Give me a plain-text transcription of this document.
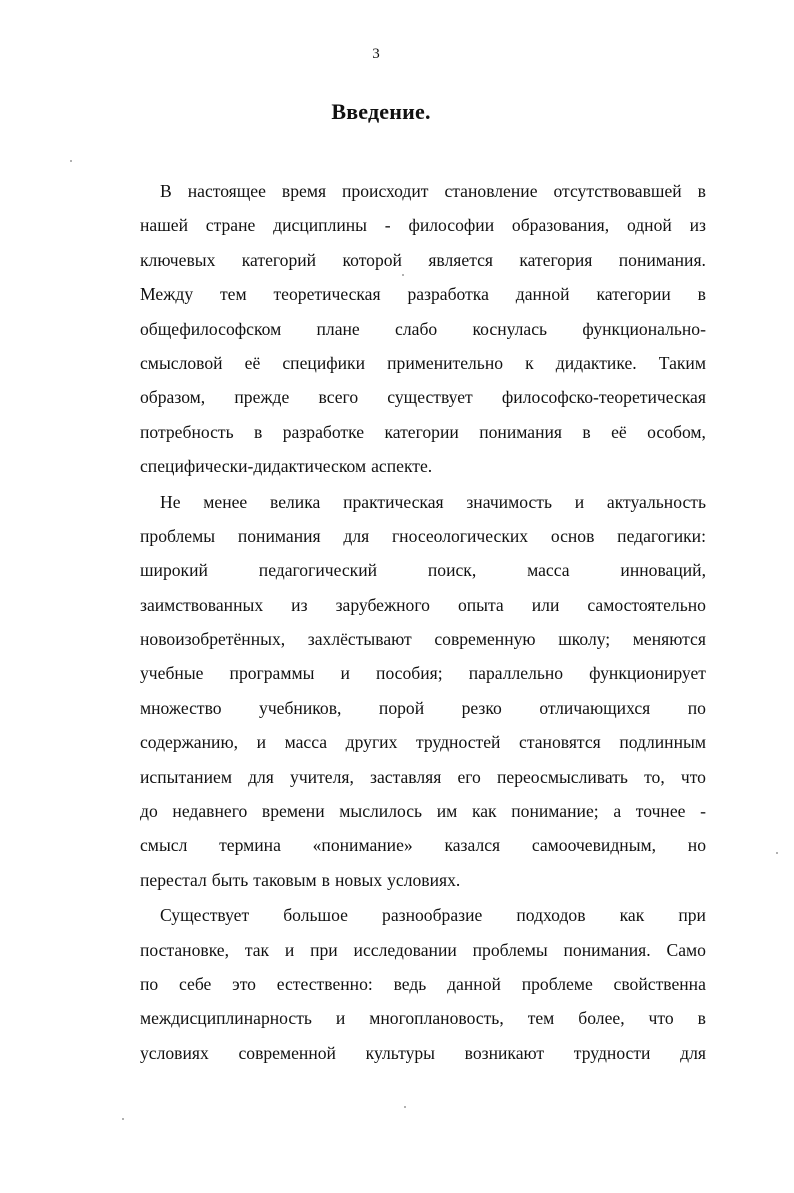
3
Введение.
В настоящее время происходит становление отсутствовавшей в
нашей стране дисциплины - философии образования, одной из
ключевых категорий которой является категория понимания.
Между тем теоретическая разработка данной категории в
общефилософском плане слабо коснулась функционально-
смысловой её специфики применительно к дидактике. Таким
образом, прежде всего существует философско-теоретическая
потребность в разработке категории понимания в её особом,
специфически-дидактическом аспекте.
Не менее велика практическая значимость и актуальность
проблемы понимания для гносеологических основ педагогики:
широкий	педагогический	поиск,	масса	инноваций,
заимствованных из зарубежного опыта или самостоятельно
новоизобретённых, захлёстывают современную школу; меняются
учебные программы и пособия; параллельно функционирует
множество учебников, порой резко отличающихся по
содержанию, и масса других трудностей становятся подлинным
испытанием для учителя, заставляя его переосмысливать то, что
до недавнего времени мыслилось им как понимание; а точнее -
смысл термина «понимание» казался самоочевидным, но
перестал быть таковым в новых условиях.
Существует большое разнообразие подходов как при
постановке, так и при исследовании проблемы понимания. Само
по себе это естественно: ведь данной проблеме свойственна
междисциплинарность и многоплановость, тем более, что в
условиях современной культуры возникают трудности для
